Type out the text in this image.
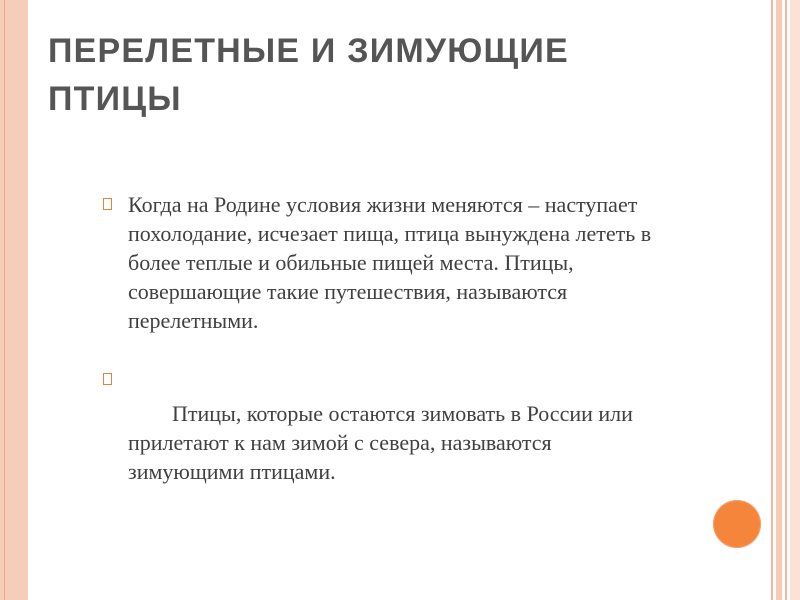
ПЕРЕЛЕТНЫЕ И ЗИМУЮЩИЕ ПТИЦЫ
Когда на Родине условия жизни меняются – наступает похолодание, исчезает пища, птица вынуждена лететь в более теплые и обильные пищей места. Птицы, совершающие такие путешествия, называются перелетными.

Птицы, которые остаются зимовать в России или прилетают к нам зимой с севера, называются зимующими птицами.
